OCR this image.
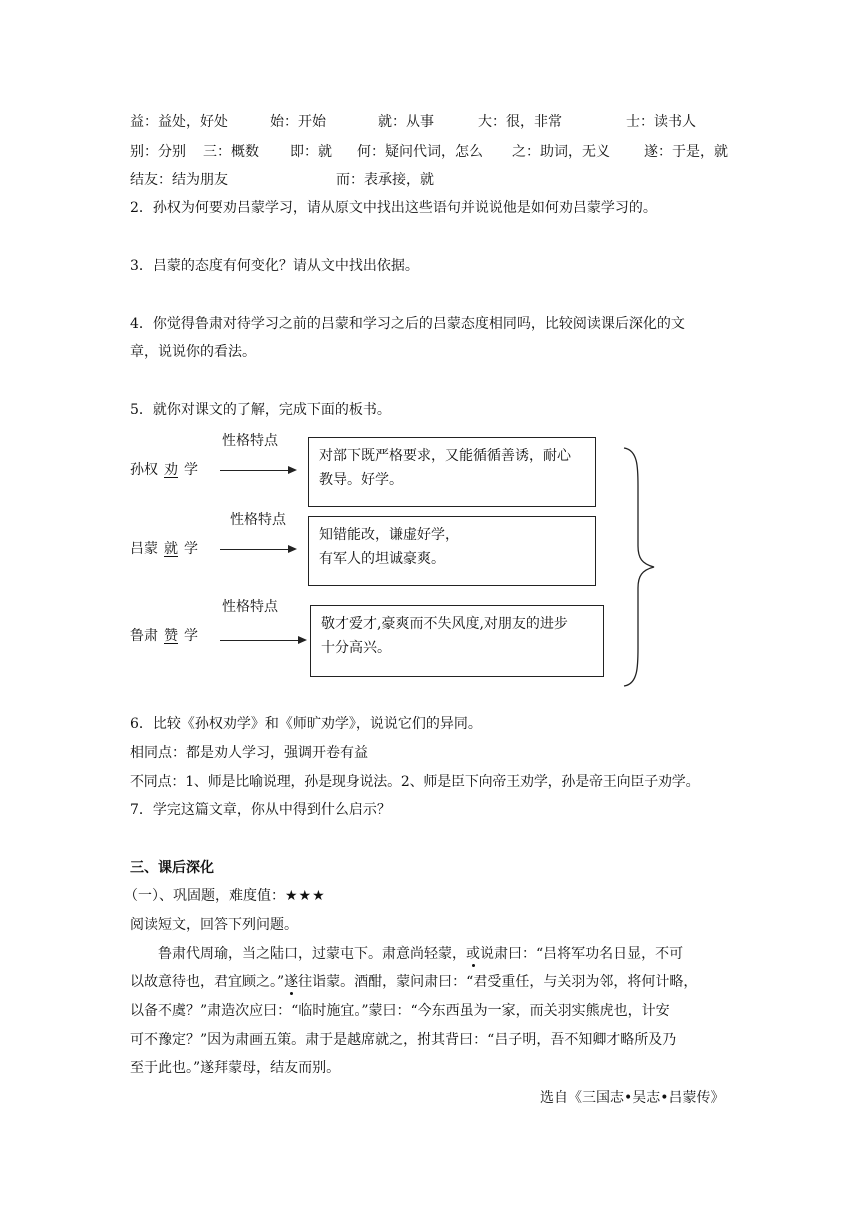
益：益处，好处	始：开始	就：从事	大：很，非常	士：读书人
别：分别 三：概数 即：就 何：疑问代词，怎么 之：助词，无义 遂：于是，就
结友：结为朋友	而：表承接，就
2．孙权为何要劝吕蒙学习，请从原文中找出这些语句并说说他是如何劝吕蒙学习的。
3．吕蒙的态度有何变化？请从文中找出依据。
4．你觉得鲁肃对待学习之前的吕蒙和学习之后的吕蒙态度相同吗，比较阅读课后深化的文
章，说说你的看法。
5．就你对课文的了解，完成下面的板书。
性格特点
孙权 劝 学
对部下既严格要求，又能循循善诱，耐心
教导。好学。
性格特点
吕蒙 就 学
知错能改，谦虚好学，
有军人的坦诚豪爽。
性格特点
鲁肃 赞 学
敬才爱才,豪爽而不失风度,对朋友的进步
十分高兴。
6．比较《孙权劝学》和《师旷劝学》，说说它们的异同。
相同点：都是劝人学习，强调开卷有益
不同点：1、师是比喻说理，孙是现身说法。2、师是臣下向帝王劝学，孙是帝王向臣子劝学。
7．学完这篇文章，你从中得到什么启示？
三、课后深化
（一）、巩固题，难度值：★★★
阅读短文，回答下列问题。
鲁肃代周瑜，当之陆口，过蒙屯下。肃意尚轻蒙，或说肃曰：“吕将军功名日显，不可
以故意待也，君宜顾之。”遂往诣蒙。酒酣，蒙问肃曰：“君受重任，与关羽为邻，将何计略，
以备不虞？”肃造次应曰：“临时施宜。”蒙曰：“今东西虽为一家，而关羽实熊虎也，计安
可不豫定？”因为肃画五策。肃于是越席就之，拊其背曰：“吕子明，吾不知卿才略所及乃
至于此也。”遂拜蒙母，结友而别。
选自《三国志•吴志•吕蒙传》
